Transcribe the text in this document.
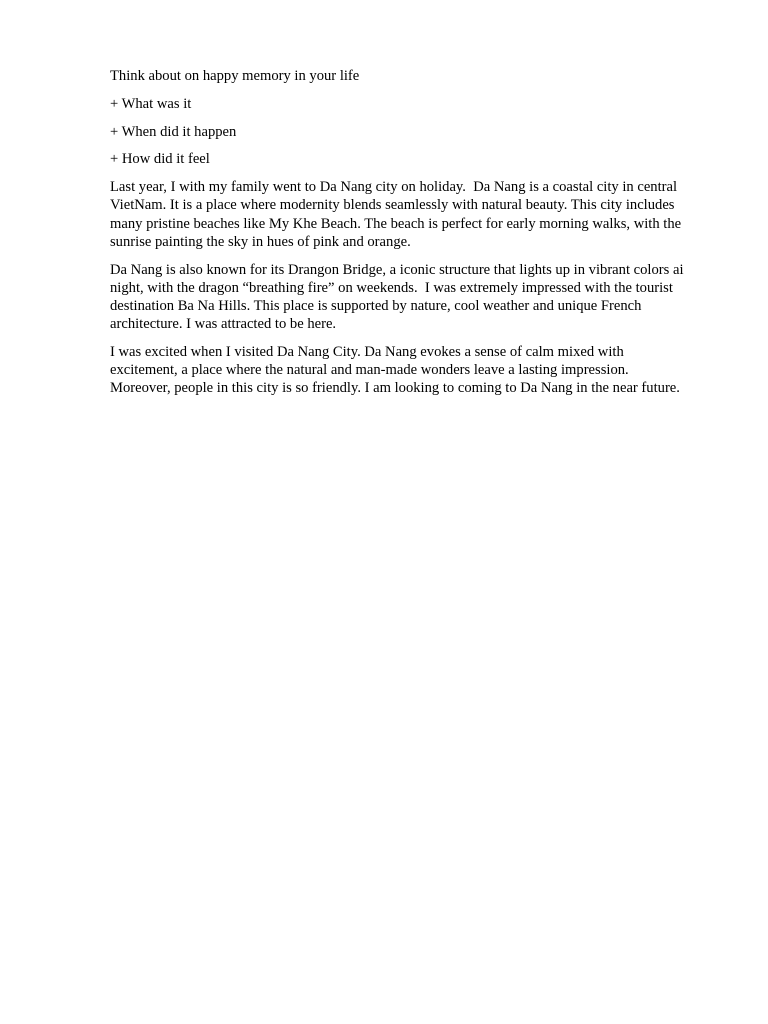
Think about on happy memory in your life

+ What was it

+ When did it happen

+ How did it feel

Last year, I with my family went to Da Nang city on holiday.  Da Nang is a coastal city in central VietNam. It is a place where modernity blends seamlessly with natural beauty. This city includes many pristine beaches like My Khe Beach. The beach is perfect for early morning walks, with the sunrise painting the sky in hues of pink and orange.

Da Nang is also known for its Drangon Bridge, a iconic structure that lights up in vibrant colors ai night, with the dragon “breathing fire” on weekends.  I was extremely impressed with the tourist destination Ba Na Hills. This place is supported by nature, cool weather and unique French architecture. I was attracted to be here.

I was excited when I visited Da Nang City. Da Nang evokes a sense of calm mixed with excitement, a place where the natural and man-made wonders leave a lasting impression. Moreover, people in this city is so friendly. I am looking to coming to Da Nang in the near future.
